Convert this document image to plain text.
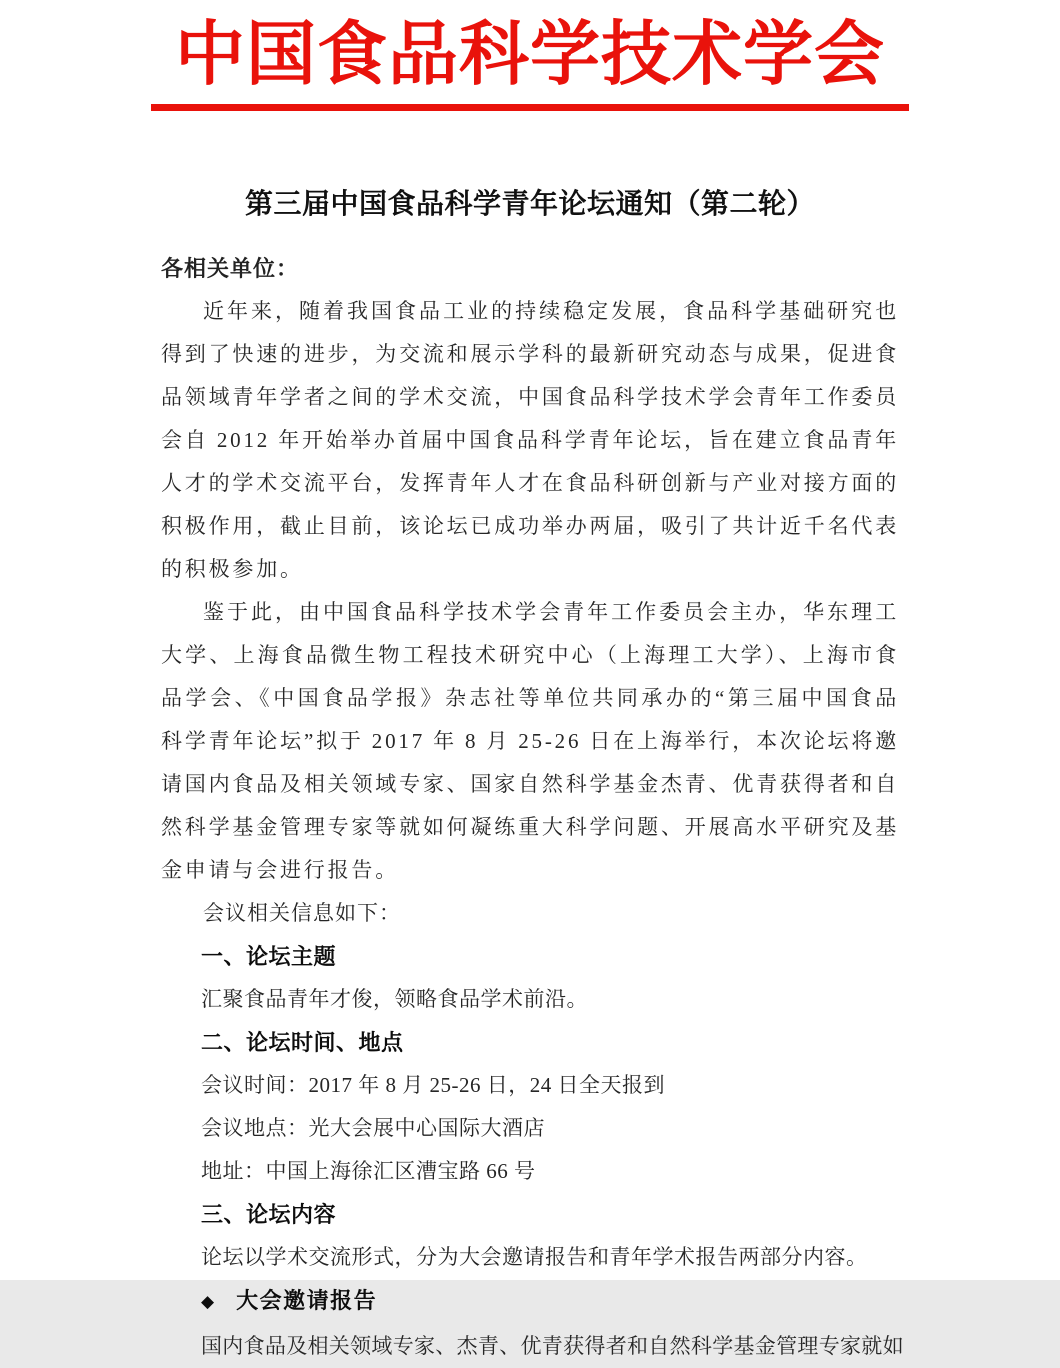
中国食品科学技术学会
第三届中国食品科学青年论坛通知（第二轮）
各相关单位：

近年来，随着我国食品工业的持续稳定发展，食品科学基础研究也得到了快速的进步，为交流和展示学科的最新研究动态与成果，促进食品领域青年学者之间的学术交流，中国食品科学技术学会青年工作委员会自 2012 年开始举办首届中国食品科学青年论坛，旨在建立食品青年人才的学术交流平台，发挥青年人才在食品科研创新与产业对接方面的积极作用，截止目前，该论坛已成功举办两届，吸引了共计近千名代表的积极参加。

鉴于此，由中国食品科学技术学会青年工作委员会主办，华东理工大学、上海食品微生物工程技术研究中心（上海理工大学）、上海市食品学会、《中国食品学报》杂志社等单位共同承办的“第三届中国食品科学青年论坛”拟于 2017 年 8 月 25-26 日在上海举行，本次论坛将邀请国内食品及相关领域专家、国家自然科学基金杰青、优青获得者和自然科学基金管理专家等就如何凝练重大科学问题、开展高水平研究及基金申请与会进行报告。

会议相关信息如下：

一、论坛主题
汇聚食品青年才俊，领略食品学术前沿。
二、论坛时间、地点
会议时间：2017 年 8 月 25-26 日，24 日全天报到
会议地点：光大会展中心国际大酒店
地址：中国上海徐汇区漕宝路 66 号
三、论坛内容
论坛以学术交流形式，分为大会邀请报告和青年学术报告两部分内容。
◆ 大会邀请报告
国内食品及相关领域专家、杰青、优青获得者和自然科学基金管理专家就如
